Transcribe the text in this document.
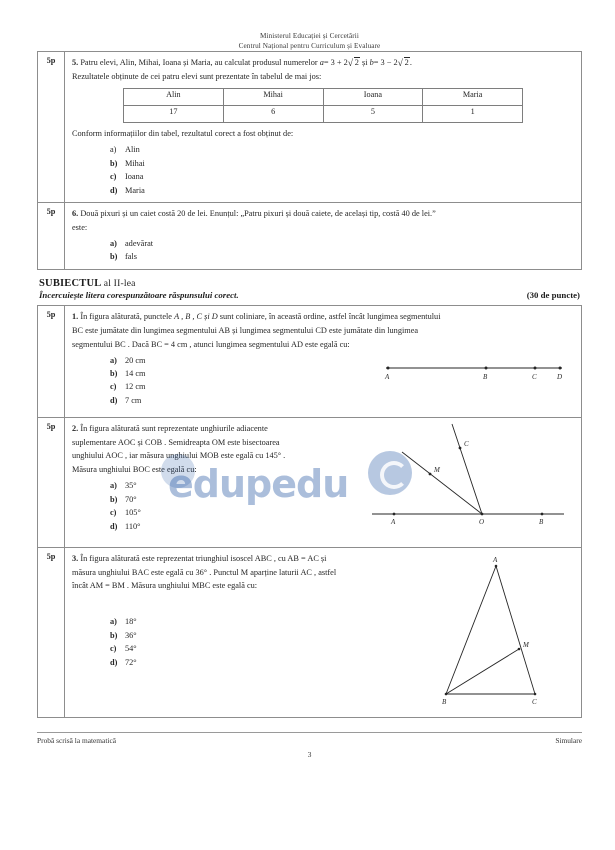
Ministerul Educației și Cercetării
Centrul Național pentru Curriculum și Evaluare
5p	5. Patru elevi, Alin, Mihai, Ioana și Maria, au calculat produsul numerelor a= 3 + 2 √ 2 și b= 3 − 2 √ 2.

Rezultatele obținute de cei patru elevi sunt prezentate în tabelul de mai jos:

Alin	Mihai	Ioana	Maria
17	6	5	1

Conform informațiilor din tabel, rezultatul corect a fost obținut de:

a) Alin
b) Mihai
c) Ioana
d) Maria

5p	6. Două pixuri și un caiet costă 20 de lei. Enunțul: „Patru pixuri și două caiete, de același tip, costă 40 de lei.”

este:

a) adevărat
b) fals
SUBIECTUL al II-lea
Încercuiește litera corespunzătoare răspunsului corect.	(30 de puncte)
5p	1. În figura alăturată, punctele A , B , C și D sunt coliniare, în această ordine, astfel încât lungimea segmentului

BC este jumătate din lungimea segmentului AB și lungimea segmentului CD este jumătate din lungimea

segmentului BC . Dacă BC = 4 cm , atunci lungimea segmentului AD este egală cu:

a) 20 cm
b) 14 cm
c) 12 cm
d) 7 cm
A	B	C	D

5p	2. În figura alăturată sunt reprezentate unghiurile adiacente

suplementare AOC și COB . Semidreapta OM este bisectoarea

unghiului AOC , iar măsura unghiului MOB este egală cu 145° .

Măsura unghiului BOC este egală cu:

a) 35°
b) 70°
c) 105°
d) 110°
A	O	B
M
C

5p	3. În figura alăturată este reprezentat triunghiul isoscel ABC , cu AB = AC și

măsura unghiului BAC este egală cu 36° . Punctul M aparține laturii AC , astfel

încât AM = BM . Măsura unghiului MBC este egală cu:

a) 18°
b) 36°
c) 54°
d) 72°
A
B	C
M
Probă scrisă la matematică	Simulare
3
edupedu
